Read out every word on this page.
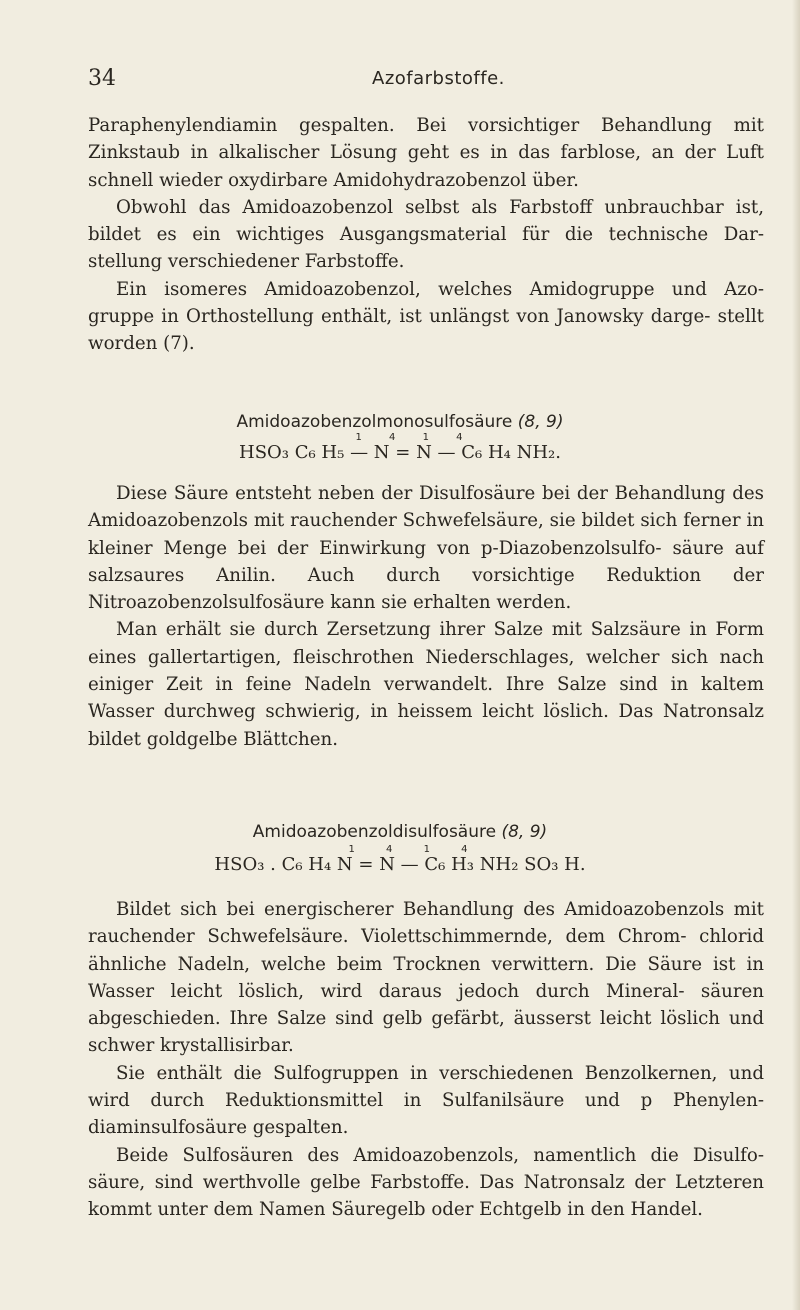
34	Azofarbstoffe.

Paraphenylendiamin gespalten. Bei vorsichtiger Behandlung mit Zinkstaub in alkalischer Lösung geht es in das farblose, an der Luft schnell wieder oxydirbare Amidohydrazobenzol über.

Obwohl das Amidoazobenzol selbst als Farbstoff unbrauchbar ist, bildet es ein wichtiges Ausgangsmaterial für die technische Dar- stellung verschiedener Farbstoffe.

Ein isomeres Amidoazobenzol, welches Amidogruppe und Azo- gruppe in Orthostellung enthält, ist unlängst von Janowsky darge- stellt worden (7).

Amidoazobenzolmonosulfosäure (8, 9)
1 4 1 4
HSO₃ C₆ H₅ — N = N — C₆ H₄ NH₂.

Diese Säure entsteht neben der Disulfosäure bei der Behandlung des Amidoazobenzols mit rauchender Schwefelsäure, sie bildet sich ferner in kleiner Menge bei der Einwirkung von p-Diazobenzolsulfo- säure auf salzsaures Anilin. Auch durch vorsichtige Reduktion der Nitroazobenzolsulfosäure kann sie erhalten werden.

Man erhält sie durch Zersetzung ihrer Salze mit Salzsäure in Form eines gallertartigen, fleischrothen Niederschlages, welcher sich nach einiger Zeit in feine Nadeln verwandelt. Ihre Salze sind in kaltem Wasser durchweg schwierig, in heissem leicht löslich. Das Natronsalz bildet goldgelbe Blättchen.

Amidoazobenzoldisulfosäure (8, 9)
1 4 1 4
HSO₃ . C₆ H₄ N = N — C₆ H₃ NH₂ SO₃ H.

Bildet sich bei energischerer Behandlung des Amidoazobenzols mit rauchender Schwefelsäure. Violettschimmernde, dem Chrom- chlorid ähnliche Nadeln, welche beim Trocknen verwittern. Die Säure ist in Wasser leicht löslich, wird daraus jedoch durch Mineral- säuren abgeschieden. Ihre Salze sind gelb gefärbt, äusserst leicht löslich und schwer krystallisirbar.

Sie enthält die Sulfogruppen in verschiedenen Benzolkernen, und wird durch Reduktionsmittel in Sulfanilsäure und p Phenylen- diaminsulfosäure gespalten.

Beide Sulfosäuren des Amidoazobenzols, namentlich die Disulfo- säure, sind werthvolle gelbe Farbstoffe. Das Natronsalz der Letzteren kommt unter dem Namen Säuregelb oder Echtgelb in den Handel.
